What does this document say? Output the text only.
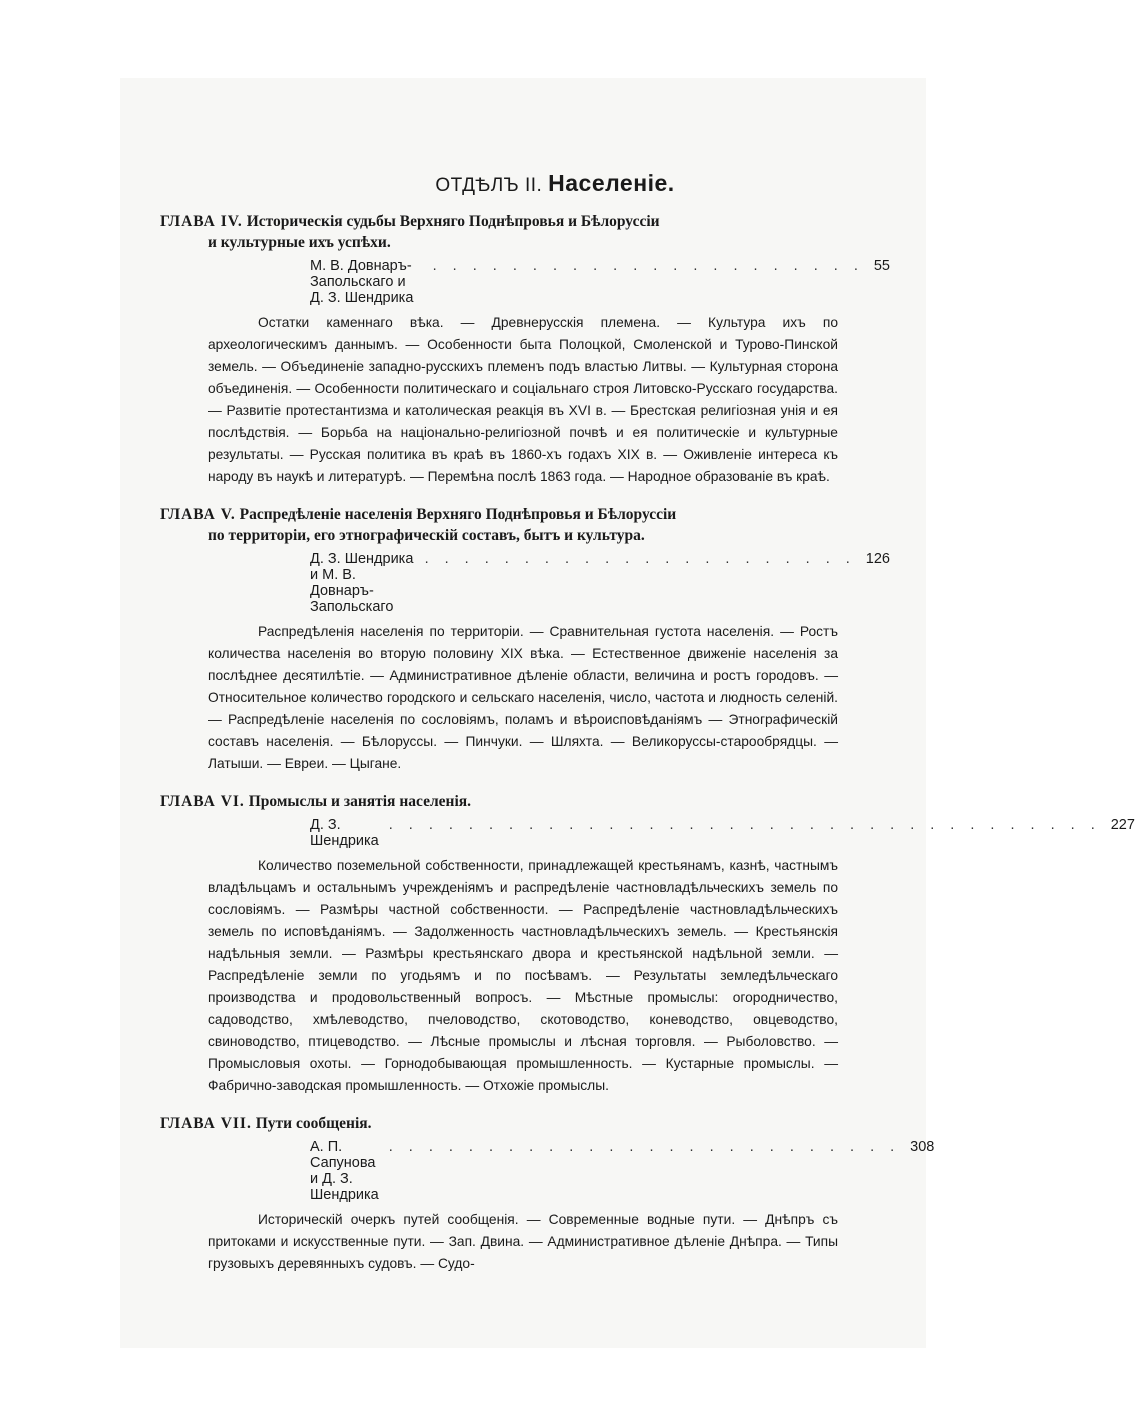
ОТДѢЛЪ II. Населеніе.

ГЛАВА IV. Историческія судьбы Верхняго Поднѣпровья и Бѣлоруссіи
и культурные ихъ успѣхи.

М. В. Довнаръ-Запольскаго и Д. З. Шендрика
. . . . . . . . . . . . . . . . . . . . . . 55

Остатки каменнаго вѣка. — Древнерусскія племена. — Культура ихъ по археологическимъ даннымъ. — Особенности быта Полоцкой, Смоленской и Турово-Пинской земель. — Объединеніе западно-русскихъ племенъ подъ властью Литвы. — Культурная сторона объединенія. — Особенности политическаго и соціальнаго строя Литовско-Русскаго государства. — Развитіе протестантизма и католическая реакція въ XVI в. — Брестская религіозная унія и ея послѣдствія. — Борьба на національно-религіозной почвѣ и ея политическіе и культурные результаты. — Русская политика въ краѣ въ 1860-хъ годахъ XIX в. — Оживленіе интереса къ народу въ наукѣ и литературѣ. — Перемѣна послѣ 1863 года. — Народное образованіе въ краѣ.

ГЛАВА V. Распредѣленіе населенія Верхняго Поднѣпровья и Бѣлоруссіи
по территоріи, его этнографическій составъ, бытъ и культура.

Д. З. Шендрика и М. В. Довнаръ-Запольскаго
. . . . . . . . . . . . . . . . . . . . . . 126

Распредѣленія населенія по территоріи. — Сравнительная густота населенія. — Ростъ количества населенія во вторую половину XIX вѣка. — Естественное движеніе населенія за послѣднее десятилѣтіе. — Административное дѣленіе области, величина и ростъ городовъ. — Относительное количество городского и сельскаго населенія, число, частота и людность селеній. — Распредѣленіе населенія по сословіямъ, поламъ и вѣроисповѣданіямъ — Этнографическій составъ населенія. — Бѣлоруссы. — Пинчуки. — Шляхта. — Великоруссы-старообрядцы. — Латыши. — Евреи. — Цыгане.

ГЛАВА VI. Промыслы и занятія населенія.

Д. З. Шендрика
. . . . . . . . . . . . . . . . . . . . . . . . . . . . . . . . . . . . 227

Количество поземельной собственности, принадлежащей крестьянамъ, казнѣ, частнымъ владѣльцамъ и остальнымъ учрежденіямъ и распредѣленіе частновладѣльческихъ земель по сословіямъ. — Размѣры частной собственности. — Распредѣленіе частновладѣльческихъ земель по исповѣданіямъ. — Задолженность частновладѣльческихъ земель. — Крестьянскія надѣльныя земли. — Размѣры крестьянскаго двора и крестьянской надѣльной земли. — Распредѣленіе земли по угодьямъ и по посѣвамъ. — Результаты земледѣльческаго производства и продовольственный вопросъ. — Мѣстные промыслы: огородничество, садоводство, хмѣлеводство, пчеловодство, скотоводство, коневодство, овцеводство, свиноводство, птицеводство. — Лѣсные промыслы и лѣсная торговля. — Рыболовство. — Промысловыя охоты. — Горнодобывающая промышленность. — Кустарные промыслы. — Фабрично-заводская промышленность. — Отхожіе промыслы.

ГЛАВА VII. Пути сообщенія.

А. П. Сапунова и Д. З. Шендрика
. . . . . . . . . . . . . . . . . . . . . . . . . . 308

Историческій очеркъ путей сообщенія. — Современные водные пути. — Днѣпръ съ притоками и искусственные пути. — Зап. Двина. — Административное дѣленіе Днѣпра. — Типы грузовыхъ деревянныхъ судовъ. — Судо-
